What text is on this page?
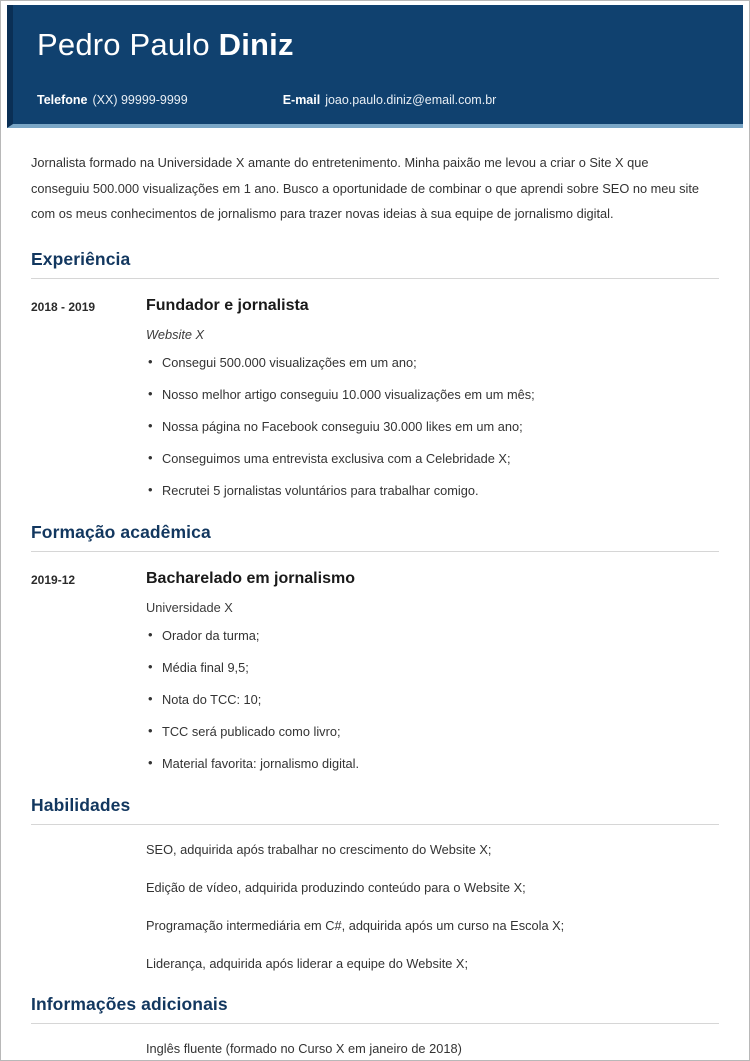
Pedro Paulo Diniz
Telefone (XX) 99999-9999	E-mail joao.paulo.diniz@email.com.br
Jornalista formado na Universidade X amante do entretenimento. Minha paixão me levou a criar o Site X que conseguiu 500.000 visualizações em 1 ano. Busco a oportunidade de combinar o que aprendi sobre SEO no meu site com os meus conhecimentos de jornalismo para trazer novas ideias à sua equipe de jornalismo digital.
Experiência
2018 - 2019	Fundador e jornalista
Website X
• Consegui 500.000 visualizações em um ano;
• Nosso melhor artigo conseguiu 10.000 visualizações em um mês;
• Nossa página no Facebook conseguiu 30.000 likes em um ano;
• Conseguimos uma entrevista exclusiva com a Celebridade X;
• Recrutei 5 jornalistas voluntários para trabalhar comigo.
Formação acadêmica
2019-12	Bacharelado em jornalismo
Universidade X
• Orador da turma;
• Média final 9,5;
• Nota do TCC: 10;
• TCC será publicado como livro;
• Material favorita: jornalismo digital.
Habilidades
SEO, adquirida após trabalhar no crescimento do Website X;
Edição de vídeo, adquirida produzindo conteúdo para o Website X;
Programação intermediária em C#, adquirida após um curso na Escola X;
Liderança, adquirida após liderar a equipe do Website X;
Informações adicionais
Inglês fluente (formado no Curso X em janeiro de 2018)
